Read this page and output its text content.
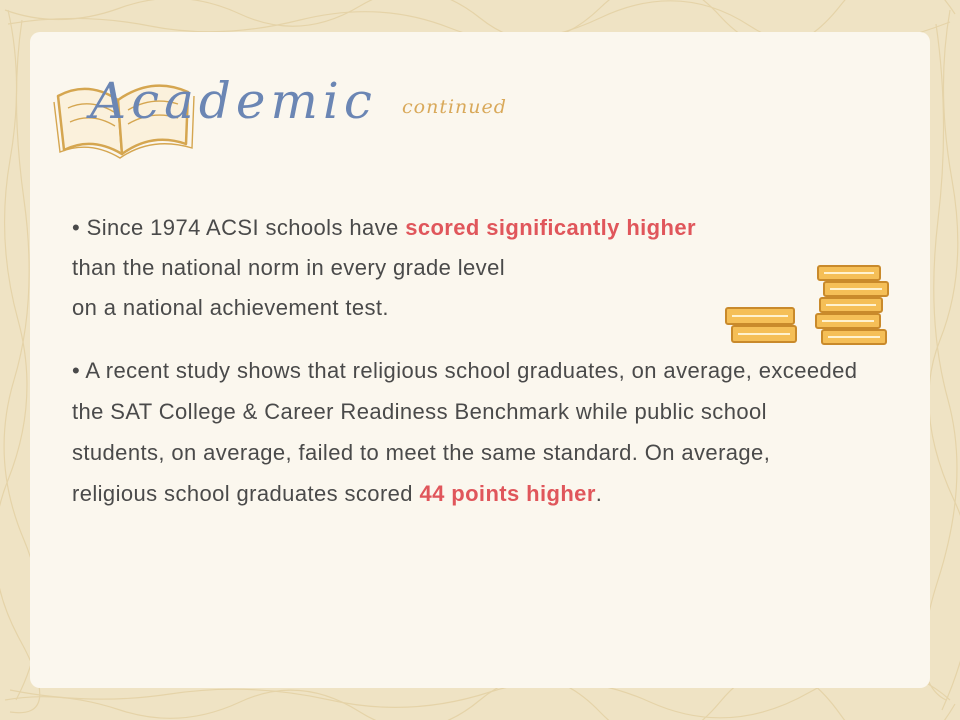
Academic continued
• Since 1974 ACSI schools have scored significantly higher
than the national norm in every grade level
on a national achievement test.
• A recent study shows that religious school graduates, on average, exceeded the SAT College & Career Readiness Benchmark while public school students, on average, failed to meet the same standard. On average, religious school graduates scored 44 points higher.
